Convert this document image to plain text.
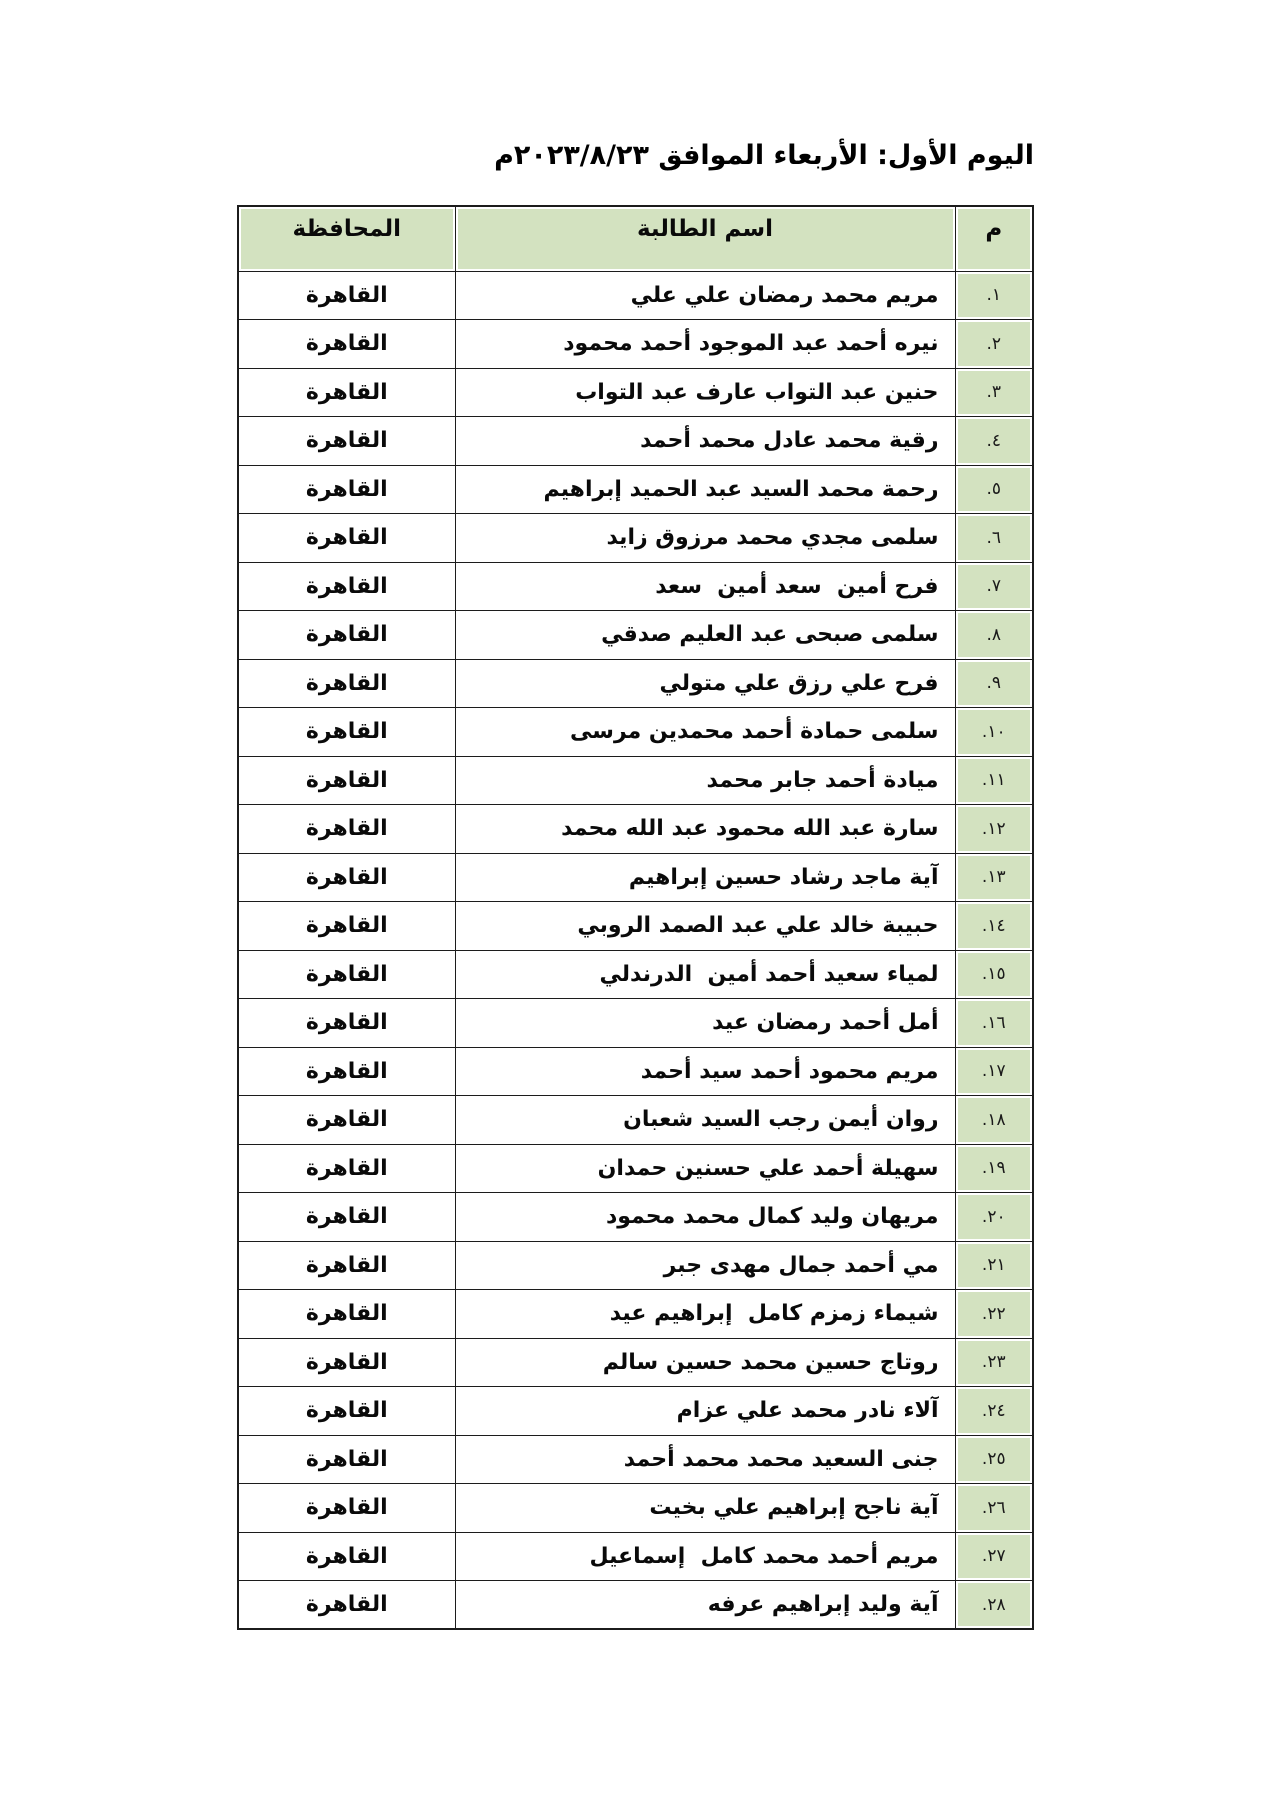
اليوم الأول: الأربعاء الموافق ٢٠٢٣/٨/٢٣م
م	اسم الطالبة	المحافظة
١.	مريم محمد رمضان علي علي	القاهرة
٢.	نيره أحمد عبد الموجود أحمد محمود	القاهرة
٣.	حنين عبد التواب عارف عبد التواب	القاهرة
٤.	رقية محمد عادل محمد أحمد	القاهرة
٥.	رحمة محمد السيد عبد الحميد إبراهيم	القاهرة
٦.	سلمى مجدي محمد مرزوق زايد	القاهرة
٧.	فرح أمين  سعد أمين  سعد	القاهرة
٨.	سلمى صبحى عبد العليم صدقي	القاهرة
٩.	فرح علي رزق علي متولي	القاهرة
١٠.	سلمى حمادة أحمد محمدين مرسى	القاهرة
١١.	ميادة أحمد جابر محمد	القاهرة
١٢.	سارة عبد الله محمود عبد الله محمد	القاهرة
١٣.	آية ماجد رشاد حسين إبراهيم	القاهرة
١٤.	حبيبة خالد علي عبد الصمد الروبي	القاهرة
١٥.	لمياء سعيد أحمد أمين  الدرندلي	القاهرة
١٦.	أمل أحمد رمضان عيد	القاهرة
١٧.	مريم محمود أحمد سيد أحمد	القاهرة
١٨.	روان أيمن رجب السيد شعبان	القاهرة
١٩.	سهيلة أحمد علي حسنين حمدان	القاهرة
٢٠.	مريهان وليد كمال محمد محمود	القاهرة
٢١.	مي أحمد جمال مهدى جبر	القاهرة
٢٢.	شيماء زمزم كامل  إبراهيم عيد	القاهرة
٢٣.	روتاج حسين محمد حسين سالم	القاهرة
٢٤.	آلاء نادر محمد علي عزام	القاهرة
٢٥.	جنى السعيد محمد محمد أحمد	القاهرة
٢٦.	آية ناجح إبراهيم علي بخيت	القاهرة
٢٧.	مريم أحمد محمد كامل  إسماعيل	القاهرة
٢٨.	آية وليد إبراهيم عرفه	القاهرة
